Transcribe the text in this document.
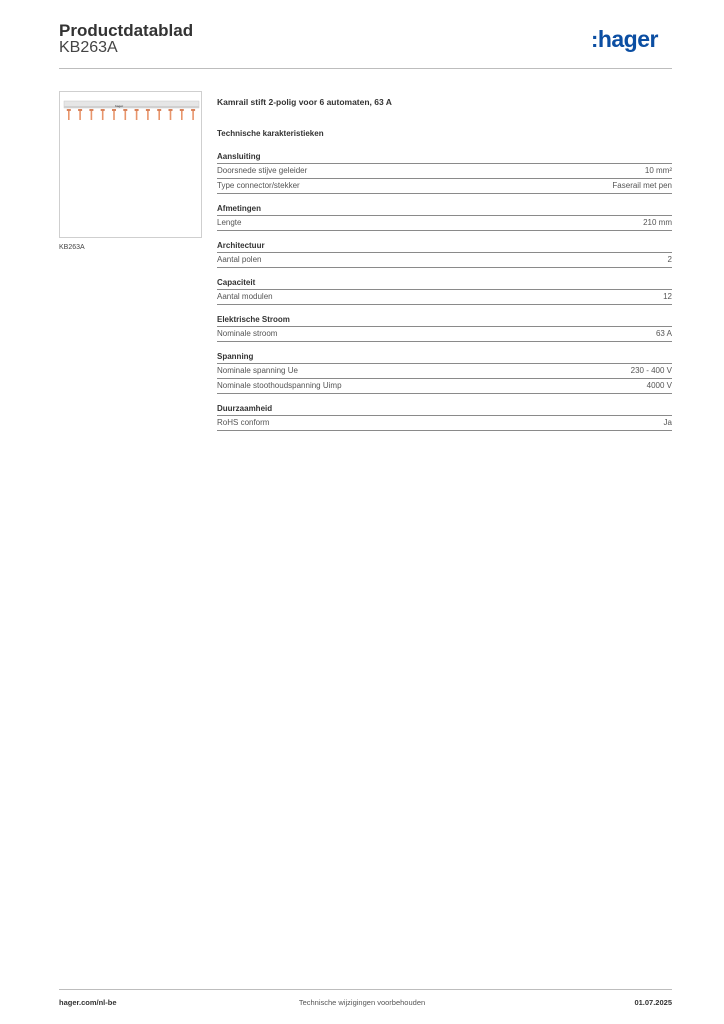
Productdatablad
KB263A	:hager
hager
KB263A
Kamrail stift 2-polig voor 6 automaten, 63 A
Technische karakteristieken
Aansluiting
Doorsnede stijve geleider	10 mm²
Type connector/stekker	Faserail met pen
Afmetingen
Lengte	210 mm
Architectuur
Aantal polen	2
Capaciteit
Aantal modulen	12
Elektrische Stroom
Nominale stroom	63 A
Spanning
Nominale spanning Ue	230 - 400 V
Nominale stoothoudspanning Uimp	4000 V
Duurzaamheid
RoHS conform	Ja
hager.com/nl-be	Technische wijzigingen voorbehouden	01.07.2025
